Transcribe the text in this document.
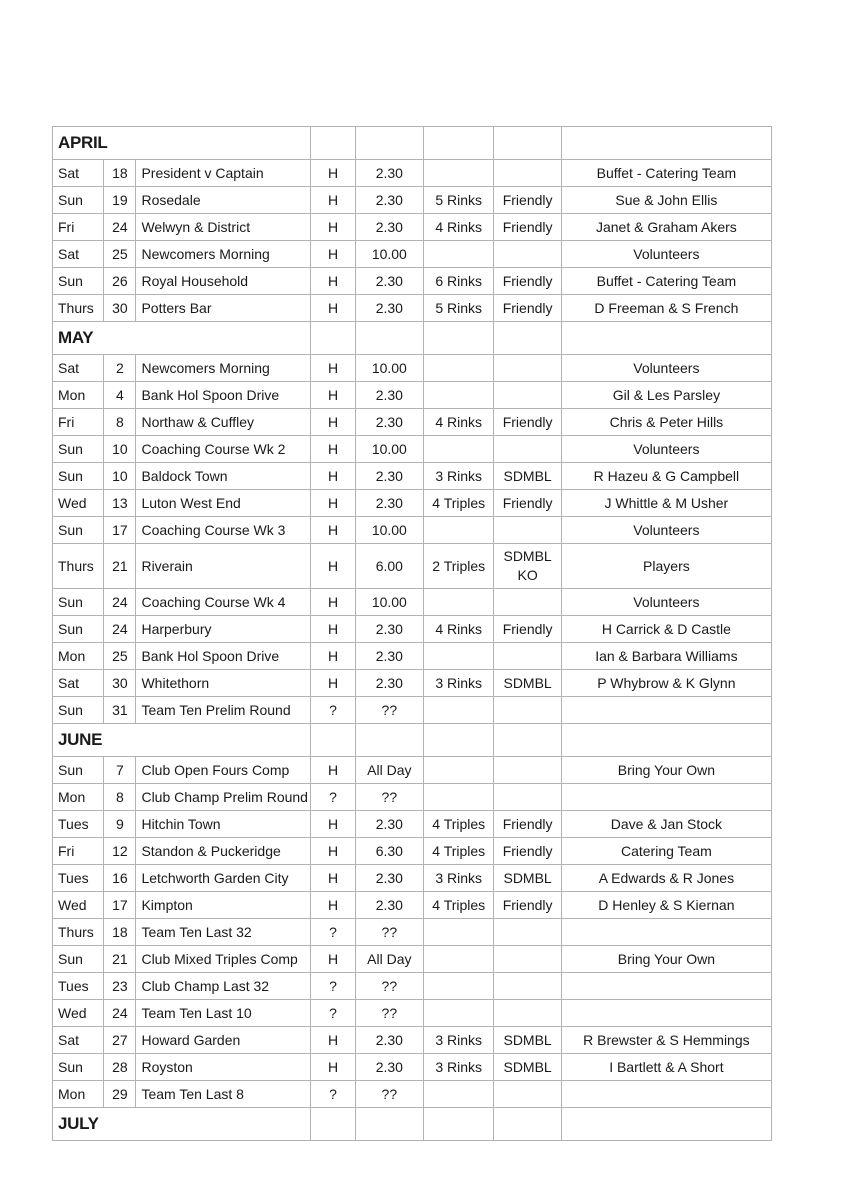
APRIL							
Sat	18	President v Captain	H	2.30			Buffet - Catering Team
Sun	19	Rosedale	H	2.30	5 Rinks	Friendly	Sue & John Ellis
Fri	24	Welwyn & District	H	2.30	4 Rinks	Friendly	Janet & Graham Akers
Sat	25	Newcomers Morning	H	10.00			Volunteers
Sun	26	Royal Household	H	2.30	6 Rinks	Friendly	Buffet - Catering Team
Thurs	30	Potters Bar	H	2.30	5 Rinks	Friendly	D Freeman & S French
MAY							
Sat	2	Newcomers Morning	H	10.00			Volunteers
Mon	4	Bank Hol Spoon Drive	H	2.30			Gil & Les Parsley
Fri	8	Northaw & Cuffley	H	2.30	4 Rinks	Friendly	Chris & Peter Hills
Sun	10	Coaching Course Wk 2	H	10.00			Volunteers
Sun	10	Baldock Town	H	2.30	3 Rinks	SDMBL	R Hazeu & G Campbell
Wed	13	Luton West End	H	2.30	4 Triples	Friendly	J Whittle & M Usher
Sun	17	Coaching Course Wk 3	H	10.00			Volunteers
Thurs	21	Riverain	H	6.00	2 Triples	SDMBL KO	Players
Sun	24	Coaching Course Wk 4	H	10.00			Volunteers
Sun	24	Harperbury	H	2.30	4 Rinks	Friendly	H Carrick & D Castle
Mon	25	Bank Hol Spoon Drive	H	2.30			Ian & Barbara Williams
Sat	30	Whitethorn	H	2.30	3 Rinks	SDMBL	P Whybrow & K Glynn
Sun	31	Team Ten Prelim Round	?	??			
JUNE							
Sun	7	Club Open Fours Comp	H	All Day			Bring Your Own
Mon	8	Club Champ Prelim Round	?	??			
Tues	9	Hitchin Town	H	2.30	4 Triples	Friendly	Dave & Jan Stock
Fri	12	Standon & Puckeridge	H	6.30	4 Triples	Friendly	Catering Team
Tues	16	Letchworth Garden City	H	2.30	3 Rinks	SDMBL	A Edwards & R Jones
Wed	17	Kimpton	H	2.30	4 Triples	Friendly	D Henley & S Kiernan
Thurs	18	Team Ten Last 32	?	??			
Sun	21	Club Mixed Triples Comp	H	All Day			Bring Your Own
Tues	23	Club Champ Last 32	?	??			
Wed	24	Team Ten Last 10	?	??			
Sat	27	Howard Garden	H	2.30	3 Rinks	SDMBL	R Brewster & S Hemmings
Sun	28	Royston	H	2.30	3 Rinks	SDMBL	I Bartlett & A Short
Mon	29	Team Ten Last 8	?	??			
JULY							
